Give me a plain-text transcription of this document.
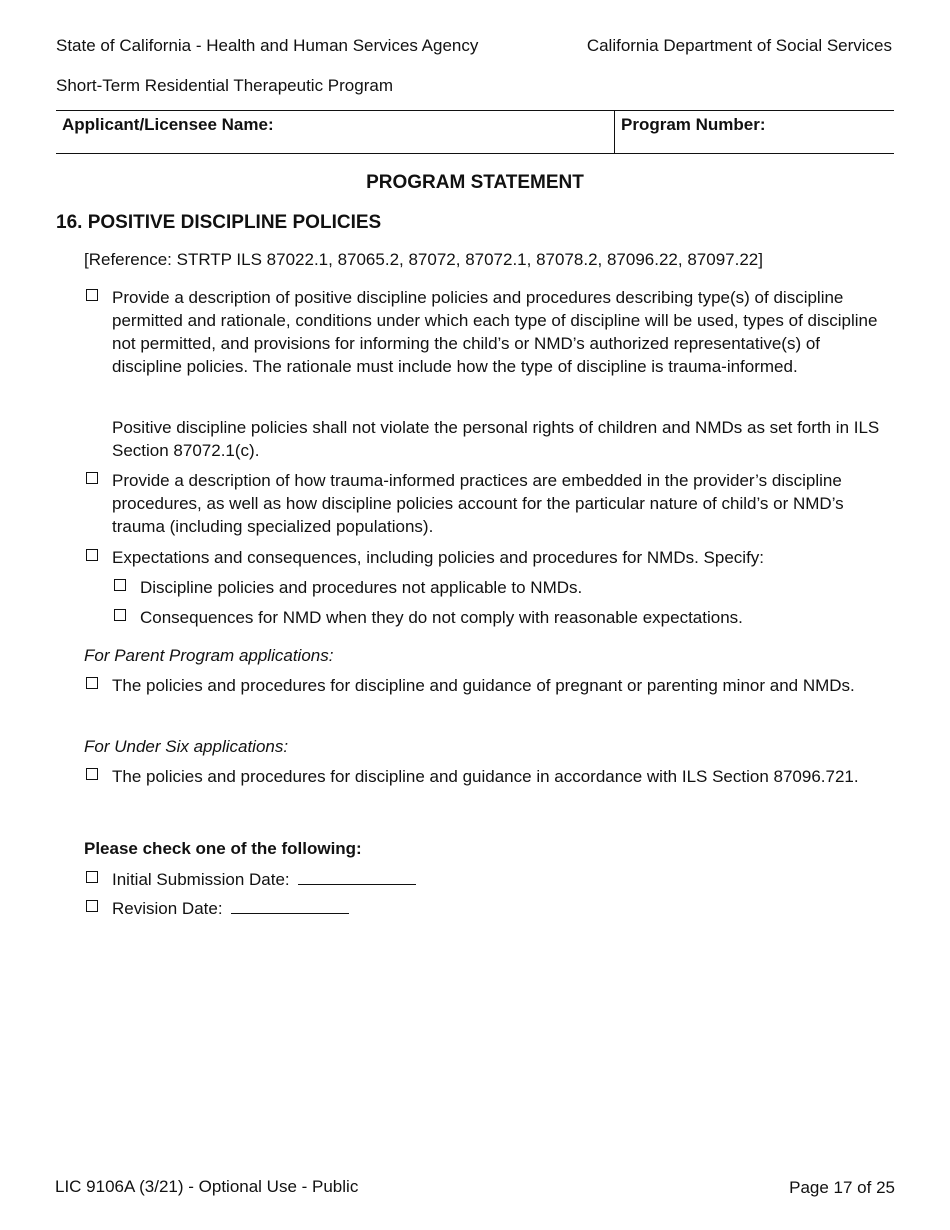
State of California - Health and Human Services Agency	California Department of Social Services
Short-Term Residential Therapeutic Program
Applicant/Licensee Name:	Program Number:
PROGRAM STATEMENT
16. POSITIVE DISCIPLINE POLICIES
[Reference: STRTP ILS 87022.1, 87065.2, 87072, 87072.1, 87078.2, 87096.22, 87097.22]
Provide a description of positive discipline policies and procedures describing type(s) of discipline permitted and rationale, conditions under which each type of discipline will be used, types of discipline not permitted, and provisions for informing the child’s or NMD’s authorized representative(s) of discipline policies. The rationale must include how the type of discipline is trauma-informed.
Positive discipline policies shall not violate the personal rights of children and NMDs as set forth in ILS Section 87072.1(c).
Provide a description of how trauma-informed practices are embedded in the provider’s discipline procedures, as well as how discipline policies account for the particular nature of child’s or NMD’s trauma (including specialized populations).
Expectations and consequences, including policies and procedures for NMDs. Specify:
Discipline policies and procedures not applicable to NMDs.
Consequences for NMD when they do not comply with reasonable expectations.
For Parent Program applications:
The policies and procedures for discipline and guidance of pregnant or parenting minor and NMDs.
For Under Six applications:
The policies and procedures for discipline and guidance in accordance with ILS Section 87096.721.
Please check one of the following:
Initial Submission Date:
Revision Date:
LIC 9106A (3/21) - Optional Use - Public	Page 17 of 25
